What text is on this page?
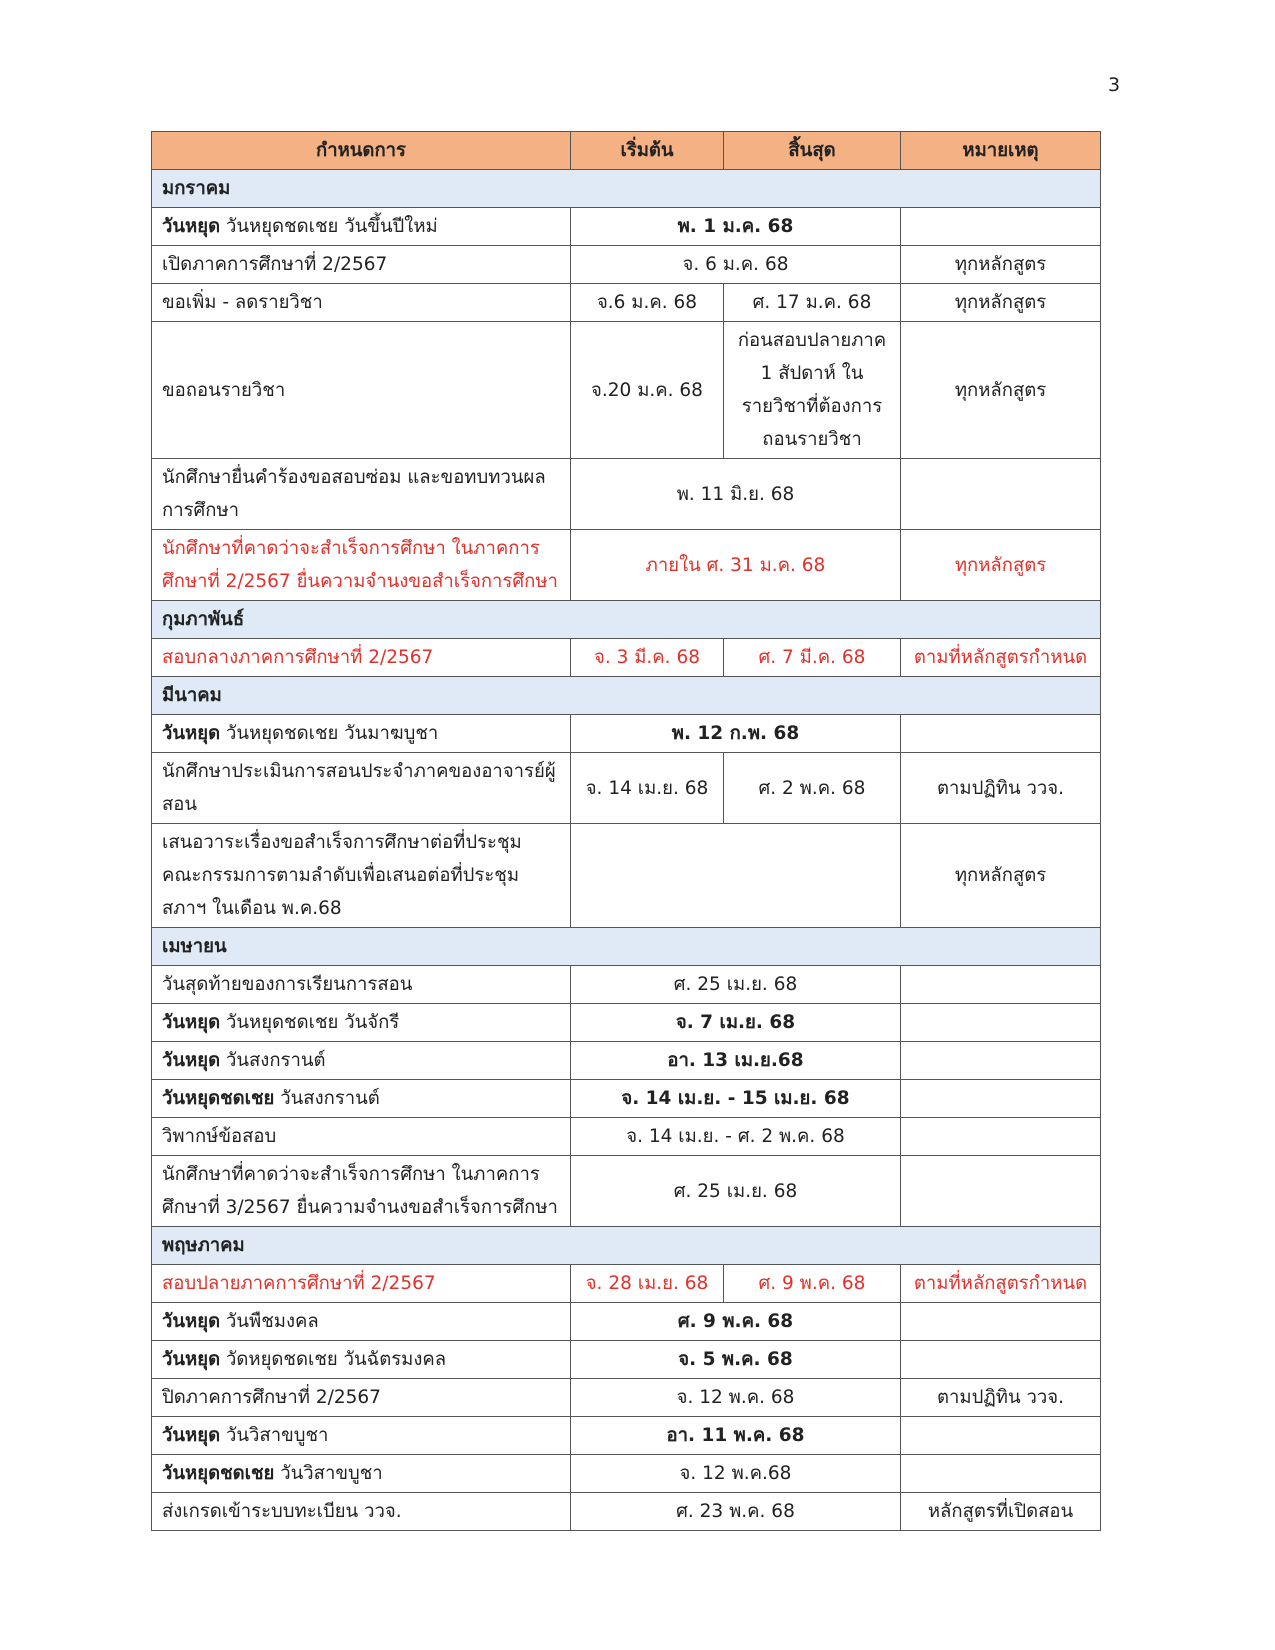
3
กำหนดการ	เริ่มต้น	สิ้นสุด	หมายเหตุ
มกราคม			
วันหยุด วันหยุดชดเชย วันขึ้นปีใหม่	พ. 1 ม.ค. 68		
เปิดภาคการศึกษาที่ 2/2567	จ. 6 ม.ค. 68		ทุกหลักสูตร
ขอเพิ่ม - ลดรายวิชา	จ.6 ม.ค. 68	ศ. 17 ม.ค. 68	ทุกหลักสูตร
ขอถอนรายวิชา	จ.20 ม.ค. 68	ก่อนสอบปลายภาค 1 สัปดาห์ ในรายวิชาที่ต้องการถอนรายวิชา	ทุกหลักสูตร
นักศึกษายื่นคำร้องขอสอบซ่อม และขอทบทวนผลการศึกษา	พ. 11 มิ.ย. 68		
นักศึกษาที่คาดว่าจะสำเร็จการศึกษา ในภาคการศึกษาที่ 2/2567 ยื่นความจำนงขอสำเร็จการศึกษา	ภายใน ศ. 31 ม.ค. 68		ทุกหลักสูตร
กุมภาพันธ์			
สอบกลางภาคการศึกษาที่ 2/2567	จ. 3 มี.ค. 68	ศ. 7 มี.ค. 68	ตามที่หลักสูตรกำหนด
มีนาคม			
วันหยุด วันหยุดชดเชย วันมาฆบูชา	พ. 12 ก.พ. 68		
นักศึกษาประเมินการสอนประจำภาคของอาจารย์ผู้สอน	จ. 14 เม.ย. 68	ศ. 2 พ.ค. 68	ตามปฏิทิน ววจ.
เสนอวาระเรื่องขอสำเร็จการศึกษาต่อที่ประชุมคณะกรรมการตามลำดับเพื่อเสนอต่อที่ประชุมสภาฯ ในเดือน พ.ค.68			ทุกหลักสูตร
เมษายน			
วันสุดท้ายของการเรียนการสอน	ศ. 25 เม.ย. 68		
วันหยุด วันหยุดชดเชย วันจักรี	จ. 7 เม.ย. 68		
วันหยุด วันสงกรานต์	อา. 13 เม.ย.68		
วันหยุดชดเชย วันสงกรานต์	จ. 14 เม.ย. - 15 เม.ย. 68		
วิพากษ์ข้อสอบ	จ. 14 เม.ย. - ศ. 2 พ.ค. 68		
นักศึกษาที่คาดว่าจะสำเร็จการศึกษา ในภาคการศึกษาที่ 3/2567 ยื่นความจำนงขอสำเร็จการศึกษา	ศ. 25 เม.ย. 68		
พฤษภาคม			
สอบปลายภาคการศึกษาที่ 2/2567	จ. 28 เม.ย. 68	ศ. 9 พ.ค. 68	ตามที่หลักสูตรกำหนด
วันหยุด วันพืชมงคล	ศ. 9 พ.ค. 68		
วันหยุด วัดหยุดชดเชย วันฉัตรมงคล	จ. 5 พ.ค. 68		
ปิดภาคการศึกษาที่ 2/2567	จ. 12 พ.ค. 68		ตามปฏิทิน ววจ.
วันหยุด วันวิสาขบูชา	อา. 11 พ.ค. 68		
วันหยุดชดเชย วันวิสาขบูชา	จ. 12 พ.ค.68		
ส่งเกรดเข้าระบบทะเบียน ววจ.	ศ. 23 พ.ค. 68		หลักสูตรที่เปิดสอน
